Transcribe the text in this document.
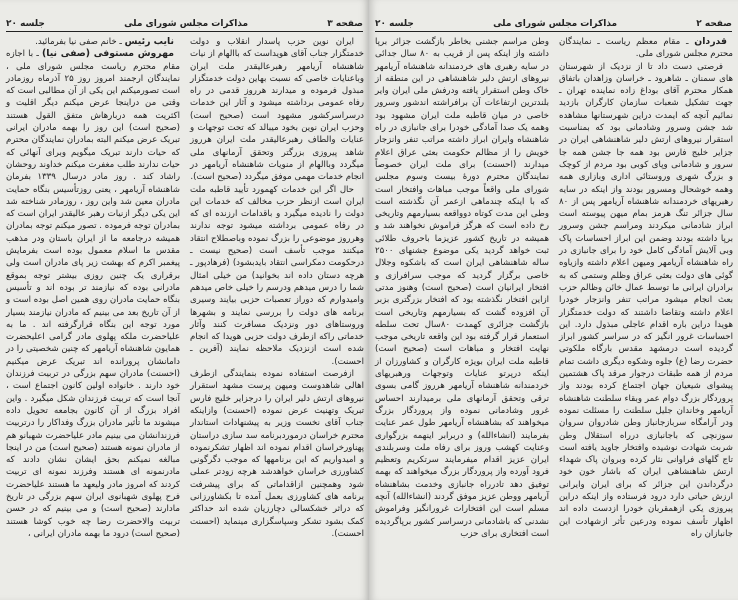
صفحه ۳
مذاکرات مجلس شورای ملی
جلسه ۲۰

ایران نوین حزب پاسدار انقلاب و دولت خدمتگزار جناب آقای هویداست که باالهام از نیات شاهنشاه آریامهر رهبرعالیقدر ملت ایران وباعنایات خاصی که نسبت بهاین دولت خدمتگزار مبذول فرموده و میدارند هرروز قدمی در راه رفاه عمومی برداشته میشود و آثار این خدمات درسراسرکشور مشهود است (صحیح است) وحزب ایران نوین بخود میبالد که تحت توجهات و عنایات والطاف رهبرعالیقدر ملت ایران هرروز شاهد پیروزی بزرگتر وتحقق آرمانهای ملی میگردد وباالهام از منویات شاهنشاه آریامهر در انجام خدمات مهمی موفق میگردد (صحیح است).

حال اگر این خدمات کهمورد تأیید قاطبه ملت ایران است ازنظر حزب مخالف که خدمات این دولت را نادیده میگیرد و باقدامات ارزنده ای که در رفاه عمومی برداشته میشود توجه ندارند وهرروز موضوعی را بزرگ نموده وباصطلاح انتقاد میکنند موجب تأسف است (صحیح نیست ـ درحکومت دمکراسی انتقاد بایدبشود) (فرهادپور ـ هرچه دستان داده اند بخوانید) من خیلی امثال شما را درس میدهم ودرسم را خیلی خاص میدهم وامیدوارم که دوراز تعصبات حزبی بیایند وسیری برنامه های دولت را بررسی نمایند و بشهرها وروستاهای دور ونزدیک مسافرت کنند وآثار خدماتی راکه ازطرف دولت حزبی هویدا که انجام شده است ازنزدیک ملاحظه نمایند (آفرین ـ احسنت).

ازفرصت استفاده نموده بنمایندگی ازطرف اهالی شاهدوست ومیهن پرست مشهد استقرار نیروهای ارتش دلیر ایران را درجزایر خلیج فارس تبریک وتهنیت عرض نموده (احسنت) وازاینکه جناب آقای نخست وزیر به پیشنهادات استاندار محترم خراسان درموردبرنامه سد سازی دراستان پهناورخراسان اقدام نموده اند اظهار تشکرنموده و امیدواریم که این برنامهها که موجب دگرگونی کشاورزی خراسان خواهدشد هرچه زودتر عملی شود وهمچنین ازاقداماتی که برای پیشرفت برنامه های کشاورزی بعمل آمده تا بکشاورزانی که دراثر خشکسالی دچارزیان شده اند حداکثر کمک بشود تشکر وسپاسگزاری مینماید (احسنت احسنت).

نایب رئیس ـ خانم صفی نیا بفرمائید.

مهروش مستوفی (صفی نیا) ـ با اجازه مقام محترم ریاست مجلس شورای ملی ، نمایندگان ارجمند امروز روز ۲۵ آذرماه روزمادر است تصورمیکنم این یکی از آن مطالبی است که وقتی من دراینجا عرض میکنم دیگر اقلیت و اکثریت همه دربارهاش متفق القول هستند (صحیح است) این روز را بهمه مادران ایرانی تبریک عرض میکنم البته بمادران نمایندگان محترم که حیات دارند تبریک میگویم وبرای آنهائی که حیات ندارند طلب مغفرت میکنم خداوند روحشان راشاد کند . روز مادر درسال ۱۳۳۹ بفرمان شاهنشاه آریامهر ، یعنی روزتأسیس بنگاه حمایت مادران معین شد واین روز ، روزمادر شناخته شد این یکی دیگر ازنیات رهبر عالیقدر ایران است که بمادران توجه فرموده . تصور میکنم توجه بمادران همیشه درجامعه ما از ایران باستان ودر مذهب مقدس ما اسلام معمول بوده است بفرمایش پیغمبر اکرم که بهشت زیر پای مادران است ولی برقراری یک چنین روزی بیشتر توجه بموقع مادرانی بوده که نیازمند تر بوده اند و تأسیس بنگاه حمایت مادران روی همین اصل بوده است و از آن تاریخ بعد می بینیم که مادران نیازمند بسیار مورد توجه این بنگاه قرارگرفته اند . ما به علیاحضرت ملکه پهلوی مادر گرامی اعلیحضرت همایون شاهنشاه آریامهر که چنین شخصیتی را در دامانشان پرورانده اند تبریک عرض میکنیم (احسنت) مادران سهم بزرگی در تربیت فرزندان خود دارند . خانواده اولین کانون اجتماع است ، آنجا است که تربیت فرزندان شکل میگیرد . واین افراد بزرگ از آن کانون بجامعه تحویل داده میشوند ما تأثیر مادران بزرگ وفداکار را درتربیت فرزندانشان می بینیم مادر علیاحضرت شهبانو هم از مادران نمونه هستند (صحیح است) من در اینجا مبالغه نمیکنم بحق ایشان نشان دادند که مادرنمونه ای هستند وفرزند نمونه ای تربیت کردند که امروز مادر ولیعهد ما هستند علیاحضرت فرح پهلوی شهبانوی ایران سهم بزرگی در تاریخ مادارند (صحیح است) و می بینیم که در حسن تربیت والاحضرت رضا چه خوب کوشا هستند (صحیح است) درود ما بهمه مادران ایرانی ،

صفحه ۲
مذاکرات مجلس شورای ملی
جلسه ۲۰

قدردان ـ مقام معظم ریاست ـ نمایندگان محترم مجلس شورای ملی.

فرصتی دست داد تا از نزدیک از شهرستان های سمنان ـ شاهرود ـ خراسان وزاهدان باتفاق همکار محترم آقای بوداغ زاده نماینده تهران ـ جهت تشکیل شعبات سازمان کارگران بازدید نمائیم آنچه که ایمدت دراین شهرستانها مشاهده شد جشن وسرور وشادمانی بود که بمناسبت استقرار نیروهای ارتش دلیر شاهنشاهی ایران در جزایر خلیج فارس بود همه جا جشن همه جا سرور و شادمانی وپای کوبی بود مردم از کوچک و بزرگ شهری وروستائی اداری وبازاری همه وهمه خوشحال ومسرور بودند واز اینکه در سایه رهبریهای خردمندانه شاهنشاه آریامهر پس از ۸۰ سال جزائر تنگ هرمز بمام میهن پیوسته است ابراز شادمانی میکردند ومراسم جشن وسرور برپا داشته بودند وضمن این ابراز احساسات پاک وبی آلایش آمادگی کامل خود را برای جانبازی در راه شاهنشاه آریامهر ومیهن اعلام داشته وازیاوه گوئی های دولت بعثی عراق وظلم وستمی که به برادران ایرانی ما توسط عمال خائن وظالم حزب بعث انجام میشود مراتب تنفر وانزجار خودرا اعلام داشته وتقاضا داشتند که دولت خدمتگزار هویدا دراین باره اقدام عاجلی مبذول دارد. این احساسات غرور انگیز که در سراسر کشور ابراز گردیده است درمشهد مقدس بارگاه ملکوتی حضرت رضا (ع) جلوه وشکوه دیگری داشت تمام مردم از همه طبقات درجوار مرقد پاک هشتمین پیشوای شیعیان جهان اجتماع کرده بودند واز پروردگار بزرگ دوام عمر وبقاء سلطنت شاهنشاه آریامهر وخاندان جلیل سلطنت را مسئلت نموده ودر آرامگاه سربازجانباز وطن شادروان سروان سوزنچی که باجانبازی درراه استقلال وطن شربت شهادت نوشیده وافتخار جاوید یافته است تاج گلهای فراوانی نثار کرده وبروان پاک شهداء ارتش شاهنشاهی ایران که باشار خون خود درگرداندن این جزائر که برای ایران وایرانی ارزش حیاتی دارد درود فرستاده واز اینکه دراین پیروزی یکی ازهمقربان خودرا ازدست داده اند اظهار تأسف نموده ودرعین تأثر ازشهادت این جانبازان راه

وطن مراسم جشنی بخاطر بازگشت جزائر برپا داشته واز اینکه پس از قریب به ۸۰ سال جدائی در سایه رهبری های خردمندانه شاهنشاه آریامهر نیروهای ارتش دلیر شاهنشاهی در این منطقه از خاک وطن استقرار یافته ودرفش ملی ایران وایر بلندترین ارتفاعات آن برافراشته اندشور وسرور خاصی در میان قاطبه ملت ایران مشهود بود وهمه یک صدا آمادگی خودرا برای جانبازی در راه شاهنشاه وایران ابراز داشته مراتب تنفر وانزجار خویش را از مظالم حکومت بعثی عراق اعلام میدارند (احسنت) برای ملت ایران خصوصاً نمایندگان محترم دورهٔ بیست وسوم مجلس شورای ملی واقعاً موجب مباهات وافتخار است که با اینکه چندماهی ازعمر آن نگذشته است وطی این مدت کوتاه دوواقعه بسیارمهم وتاریخی رخ داده است که هرگز فراموش نخواهند شد و همیشه در تاریخ کشور عزیزما باحروف طلائی ثبت خواهد گردید یکی موضوع جشنهای ۲۵۰۰ ساله شاهنشاهی ایران است که باشکوه وجلال خاصی برگزار گردید که موجب سرافرازی و افتخار ایرانیان است (صحیح است) وهنوز مدتی ازاین افتخار نگذشته بود که افتخار بزرگتری بزبر آن افزوده گشت که بسیارمهم وتاریخی است بازگشت جزائری کهمدت ۸۰سال تحت سلطه استعمار قرار گرفته بود این واقعه تاریخی موجب نهایت افتخار و مباهات است (صحیح است) قاطبه ملت ایران بویژه کارگران و کشاورزان از اینکه درپرتو عنایات وتوجهات ورهبریهای خردمندانه شاهنشاه آریامهر هرروز گامی بسوی ترقی وتحقق آرمانهای ملی برمیدارند احساس غرور وشادمانی نموده واز پروردگار بزرگ میخواهند که بشاهنشاه آریامهر طول عمر عنایت بفرمایند (انشاءالله) و دربرابر اینهمه بزرگواری وعنایت کهشب وروز برای رفاه ملت وسربلندی ایران عزیز اقدام میفرمایند سرتکریم وتعظیم فرود آورده واز پروردگار بزرگ میخواهند که بهمه توفیق دهد تادرراه جانبازی وخدمت بشاهنشاه آریامهر ووطن عزیز موفق گردند (انشاءالله) آنچه مسلم است این افتخارات غرورانگیز وفراموش نشدنی که باشادمانی درسراسر کشور برپاگردیده است افتخاری برای حزب
